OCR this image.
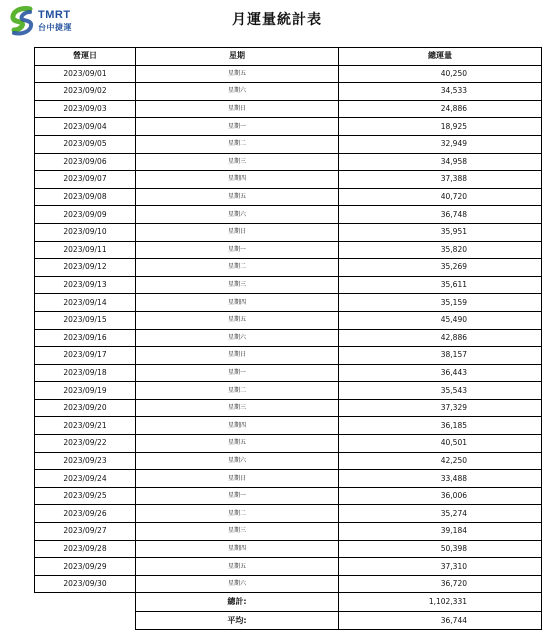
TMRT
台中捷運	月運量統計表
營運日	星期	總運量
2023/09/01	星期五	40,250
2023/09/02	星期六	34,533
2023/09/03	星期日	24,886
2023/09/04	星期一	18,925
2023/09/05	星期二	32,949
2023/09/06	星期三	34,958
2023/09/07	星期四	37,388
2023/09/08	星期五	40,720
2023/09/09	星期六	36,748
2023/09/10	星期日	35,951
2023/09/11	星期一	35,820
2023/09/12	星期二	35,269
2023/09/13	星期三	35,611
2023/09/14	星期四	35,159
2023/09/15	星期五	45,490
2023/09/16	星期六	42,886
2023/09/17	星期日	38,157
2023/09/18	星期一	36,443
2023/09/19	星期二	35,543
2023/09/20	星期三	37,329
2023/09/21	星期四	36,185
2023/09/22	星期五	40,501
2023/09/23	星期六	42,250
2023/09/24	星期日	33,488
2023/09/25	星期一	36,006
2023/09/26	星期二	35,274
2023/09/27	星期三	39,184
2023/09/28	星期四	50,398
2023/09/29	星期五	37,310
2023/09/30	星期六	36,720
	總計:	1,102,331
	平均:	36,744
